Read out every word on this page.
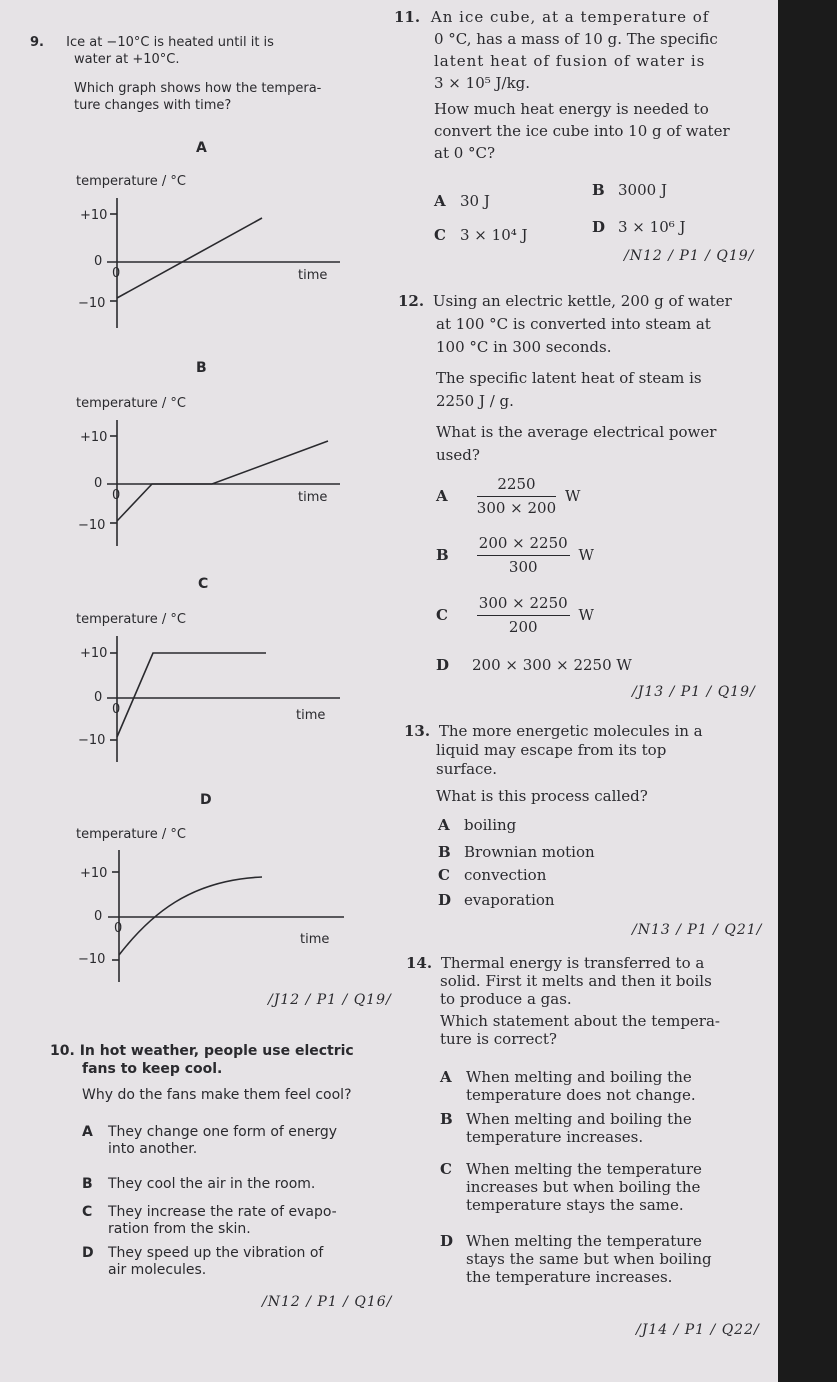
9. Ice at −10°C is heated until it is
water at +10°C.
Which graph shows how the tempera-
ture changes with time?
A
temperature / °C
+10
0
0
−10
time
B
temperature / °C
+10
0
0
−10
time
C
temperature / °C
+10
0
0
−10
time
D
temperature / °C
+10
0
0
−10
time
/J12 / P1 / Q19/
10. In hot weather, people use electric
fans to keep cool.
Why do the fans make them feel cool?
A They change one form of energy
into another.
B They cool the air in the room.
C They increase the rate of evapo-
ration from the skin.
D They speed up the vibration of
air molecules.
/N12 / P1 / Q16/
11. An ice cube, at a temperature of
0 °C, has a mass of 10 g. The specific
latent heat of fusion of water is
3 × 10⁵ J/kg.
How much heat energy is needed to
convert the ice cube into 10 g of water
at 0 °C?
A 30 J
B 3000 J
C 3 × 10⁴ J	D 3 × 10⁶ J
/N12 / P1 / Q19/
12. Using an electric kettle, 200 g of water
at 100 °C is converted into steam at
100 °C in 300 seconds.
The specific latent heat of steam is
2250 J / g.
What is the average electrical power
used?
A $\frac{2250}{300 \times 200}$ W
B $\frac{200 \times 2250}{300}$ W
C $\frac{300 \times 2250}{200}$ W
D 200 × 300 × 2250 W
/J13 / P1 / Q19/
13. The more energetic molecules in a
liquid may escape from its top
surface.
What is this process called?
A boiling
B Brownian motion
C convection
D evaporation
/N13 / P1 / Q21/
14. Thermal energy is transferred to a
solid. First it melts and then it boils
to produce a gas.
Which statement about the tempera-
ture is correct?
A When melting and boiling the
temperature does not change.
B When melting and boiling the
temperature increases.
C When melting the temperature
increases but when boiling the
temperature stays the same.
D When melting the temperature
stays the same but when boiling
the temperature increases.
/J14 / P1 / Q22/
